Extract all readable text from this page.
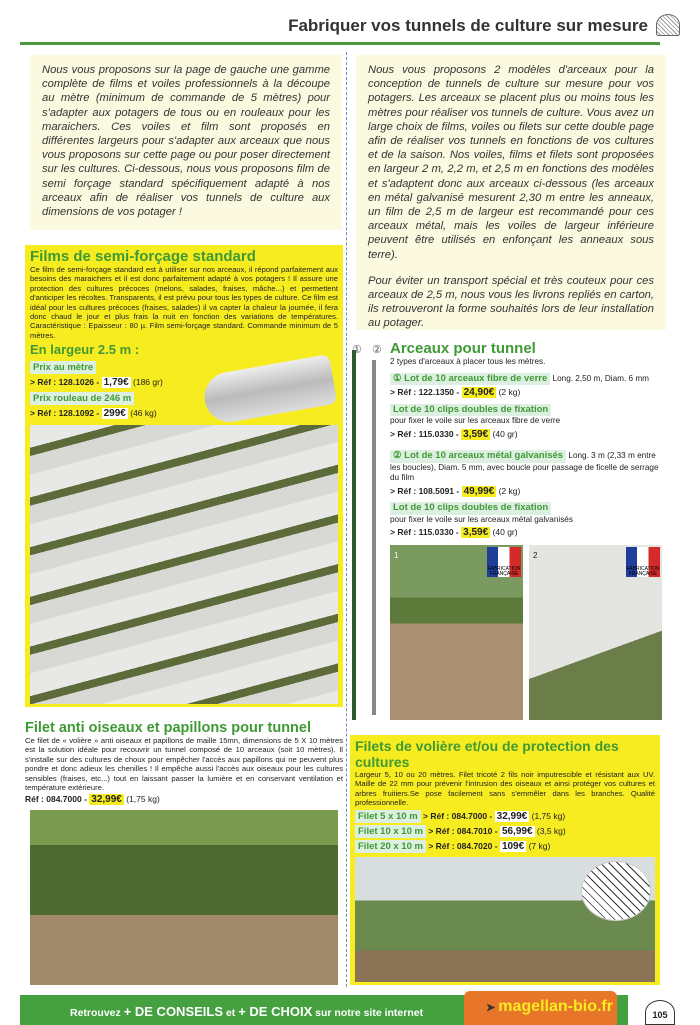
Fabriquer vos tunnels de culture sur mesure

Nous vous proposons sur la page de gauche une gamme complète de films et voiles professionnels à la découpe au mètre (minimum de commande de 5 mètres) pour s'adapter aux potagers de tous ou en rouleaux pour les maraichers. Ces voiles et film sont proposés en différentes largeurs pour s'adapter aux arceaux que nous vous proposons sur cette page ou pour poser directement sur les cultures. Ci-dessous, nous vous proposons film de semi forçage standard spécifiquement adapté à nos arceaux afin de réaliser vos tunnels de culture aux dimensions de vos potager !

Nous vous proposons 2 modèles d'arceaux pour la conception de tunnels de culture sur mesure pour vos potagers. Les arceaux se placent plus ou moins tous les mètres pour réaliser vos tunnels de culture. Vous avez un large choix de films, voiles ou filets sur cette double page afin de réaliser vos tunnels en fonctions de vos cultures et de la saison. Nos voiles, films et filets sont proposées en largeur 2 m, 2,2 m, et 2,5 m en fonctions des modèles et s'adaptent donc aux arceaux ci-dessous (les arceaux en métal galvanisé mesurent 2,30 m entre les anneaux, un film de 2,5 m de largeur est recommandé pour ces arceaux métal, mais les voiles de largeur inférieure peuvent être utilisés en enfonçant les anneaux sous terre).

Pour éviter un transport spécial et très couteux pour ces arceaux de 2,5 m, nous vous les livrons repliés en carton, ils retrouveront la forme souhaités lors de leur installation au potager.

Films de semi-forçage standard

Ce film de semi-forçage standard est à utiliser sur nos arceaux, il répond parfaitement aux besoins des maraichers et il est donc parfaitement adapté à vos potagers ! Il assure une protection des cultures précoces (melons, salades, fraises, mâche...) et permettent d'anticiper les récoltes. Transparents, il est prévu pour tous les types de culture. Ce film est idéal pour les cultures précoces (fraises, salades) il va capter la chaleur la journée, il fera donc chaud le jour et plus frais la nuit en fonction des variations de températures. Caractéristique : Epaisseur : 80 µ. Film semi-forçage standard. Commande minimum de 5 mètres.

En largeur 2.5 m :
Prix au mètre
> Réf : 128.1026 - 1,79€ (186 gr)
Prix rouleau de 246 m
> Réf : 128.1092 - 299€ (46 kg)
① ② Arceaux pour tunnel

2 types d'arceaux à placer tous les mètres.

① Lot de 10 arceaux fibre de verre Long. 2,50 m, Diam. 6 mm
> Réf : 122.1350 - 24,90€ (2 kg)
Lot de 10 clips doubles de fixation
pour fixer le voile sur les arceaux fibre de verre
> Réf : 115.0330 - 3,59€ (40 gr)
② Lot de 10 arceaux métal galvanisés Long. 3 m (2,33 m entre les boucles), Diam. 5 mm, avec boucle pour passage de ficelle de serrage du film
> Réf : 108.5091 - 49,99€ (2 kg)
Lot de 10 clips doubles de fixation
pour fixer le voile sur les arceaux métal galvanisés
> Réf : 115.0330 - 3,59€ (40 gr)
1
FABRICATION FRANÇAISE
2
FABRICATION FRANÇAISE
Filet anti oiseaux et papillons pour tunnel

Ce filet de « volière » anti oiseaux et papillons de maille 15mn, dimensions de 5 X 10 mètres est la solution idéale pour recouvrir un tunnel composé de 10 arceaux (soit 10 mètres). Il s'installe sur des cultures de choux pour empêcher l'accès aux papillons qui ne peuvent plus pondre et donc adieux les chenilles ! Il empêche aussi l'accès aux oiseaux pour les cultures sensibles (fraises, etc...) tout en laissant passer la lumière et en conservant ventilation et température extérieure.

Réf : 084.7000 - 32,99€ (1,75 kg)
Filets de volière et/ou de protection des cultures

Largeur 5, 10 ou 20 mètres. Filet tricoté 2 fils noir imputrescible et résistant aux UV. Maille de 22 mm pour prévenir l'intrusion des oiseaux et ainsi protéger vos cultures et arbres fruitiers.Se pose facilement sans s'emmêler dans les branches. Qualité professionnelle.

Filet 5 x 10 m > Réf : 084.7000 - 32,99€ (1,75 kg)
Filet 10 x 10 m > Réf : 084.7010 - 56,99€ (3,5 kg)
Filet 20 x 10 m > Réf : 084.7020 - 109€ (7 kg)
Retrouvez + DE CONSEILS et + DE CHOIX sur notre site internet	➤ magellan-bio.fr	105
